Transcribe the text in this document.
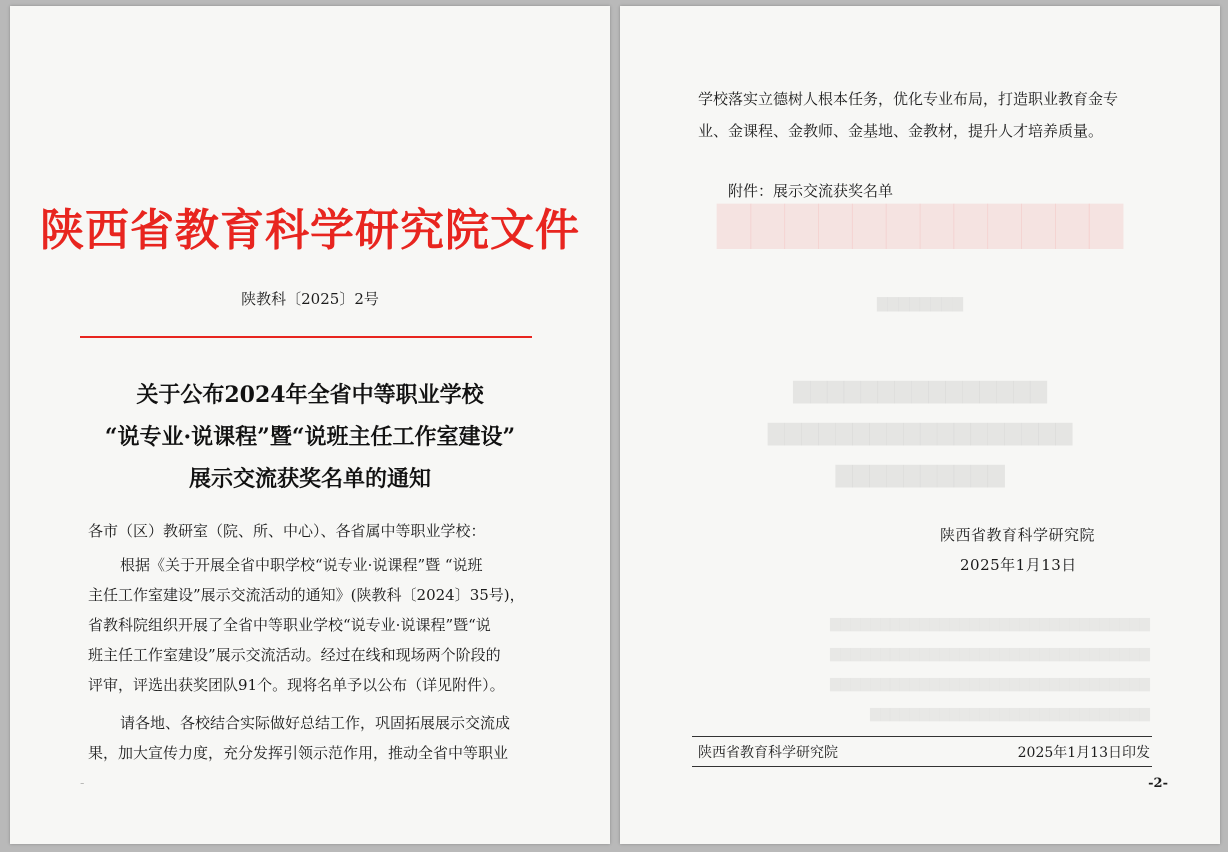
陕西省教育科学研究院文件
陕教科〔2025〕2号
关于公布2024年全省中等职业学校
“说专业·说课程”暨“说班主任工作室建设”
展示交流获奖名单的通知
各市（区）教研室（院、所、中心）、各省属中等职业学校：
根据《关于开展全省中职学校“说专业·说课程”暨 “说班
主任工作室建设”展示交流活动的通知》(陕教科〔2024〕35号)，
省教科院组织开展了全省中等职业学校“说专业·说课程”暨“说
班主任工作室建设”展示交流活动。经过在线和现场两个阶段的
评审，评选出获奖团队91个。现将名单予以公布（详见附件）。
请各地、各校结合实际做好总结工作，巩固拓展展示交流成
果，加大宣传力度，充分发挥引领示范作用，推动全省中等职业
-
▇▇▇▇▇▇▇▇▇▇▇▇
▇▇▇▇▇▇▇▇
▇▇▇▇▇▇▇▇▇▇▇▇▇▇▇
▇▇▇▇▇▇▇▇▇▇▇▇▇▇▇▇▇▇
▇▇▇▇▇▇▇▇▇▇
▇▇▇▇▇▇▇▇▇▇▇▇▇▇▇▇▇▇▇▇▇▇▇▇▇▇▇▇▇▇▇▇
▇▇▇▇▇▇▇▇▇▇▇▇▇▇▇▇▇▇▇▇▇▇▇▇▇▇▇▇▇▇▇▇
▇▇▇▇▇▇▇▇▇▇▇▇▇▇▇▇▇▇▇▇▇▇▇▇▇▇▇▇▇▇▇▇
▇▇▇▇▇▇▇▇▇▇▇▇▇▇▇▇▇▇▇▇▇▇▇▇▇▇▇▇
学校落实立德树人根本任务，优化专业布局，打造职业教育金专
业、金课程、金教师、金基地、金教材，提升人才培养质量。
附件：展示交流获奖名单
陕西省教育科学研究院
2025年1月13日
陕西省教育科学研究院	2025年1月13日印发
-2-
